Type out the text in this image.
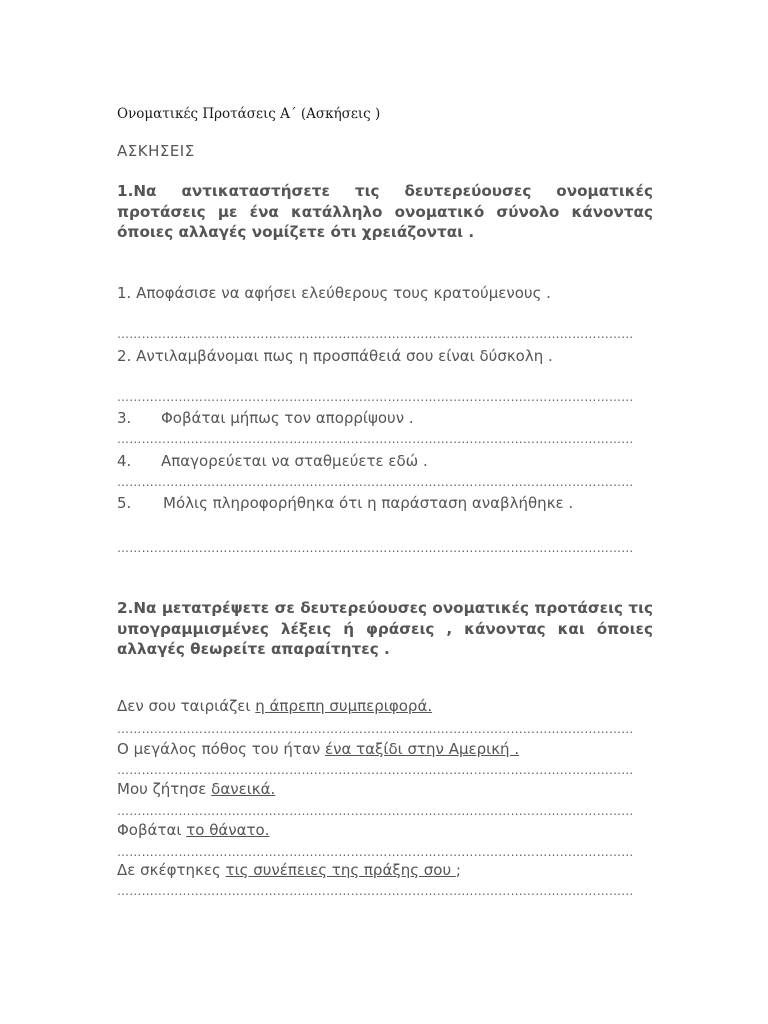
Ονοματικές Προτάσεις Α΄ (Ασκήσεις )
ΑΣΚΗΣΕΙΣ
1.Να αντικαταστήσετε τις δευτερεύουσες ονοματικές προτάσεις με ένα κατάλληλο ονοματικό σύνολο κάνοντας όποιες αλλαγές νομίζετε ότι χρειάζονται .
1. Αποφάσισε να αφήσει ελεύθερους τους κρατούμενους .
………………………………………………………………………………………………………………
2. Αντιλαμβάνομαι πως η προσπάθειά σου είναι δύσκολη .
………………………………………………………………………………………………………………
3. Φοβάται μήπως τον απορρίψουν .
………………………………………………………………………………………………………………
4. Απαγορεύεται να σταθμεύετε εδώ .
………………………………………………………………………………………………………………
5. Μόλις πληροφορήθηκα ότι η παράσταση αναβλήθηκε .
………………………………………………………………………………………………………………
2.Να μετατρέψετε σε δευτερεύουσες ονοματικές προτάσεις τις υπογραμμισμένες λέξεις ή φράσεις , κάνοντας και όποιες αλλαγές θεωρείτε απαραίτητες .
Δεν σου ταιριάζει η άπρεπη συμπεριφορά.
………………………………………………………………………………………………………………
Ο μεγάλος πόθος του ήταν ένα ταξίδι στην Αμερική .
………………………………………………………………………………………………………………
Μου ζήτησε δανεικά.
………………………………………………………………………………………………………………
Φοβάται το θάνατο.
………………………………………………………………………………………………………………
Δε σκέφτηκες τις συνέπειες της πράξης σου ;
………………………………………………………………………………………………………………
